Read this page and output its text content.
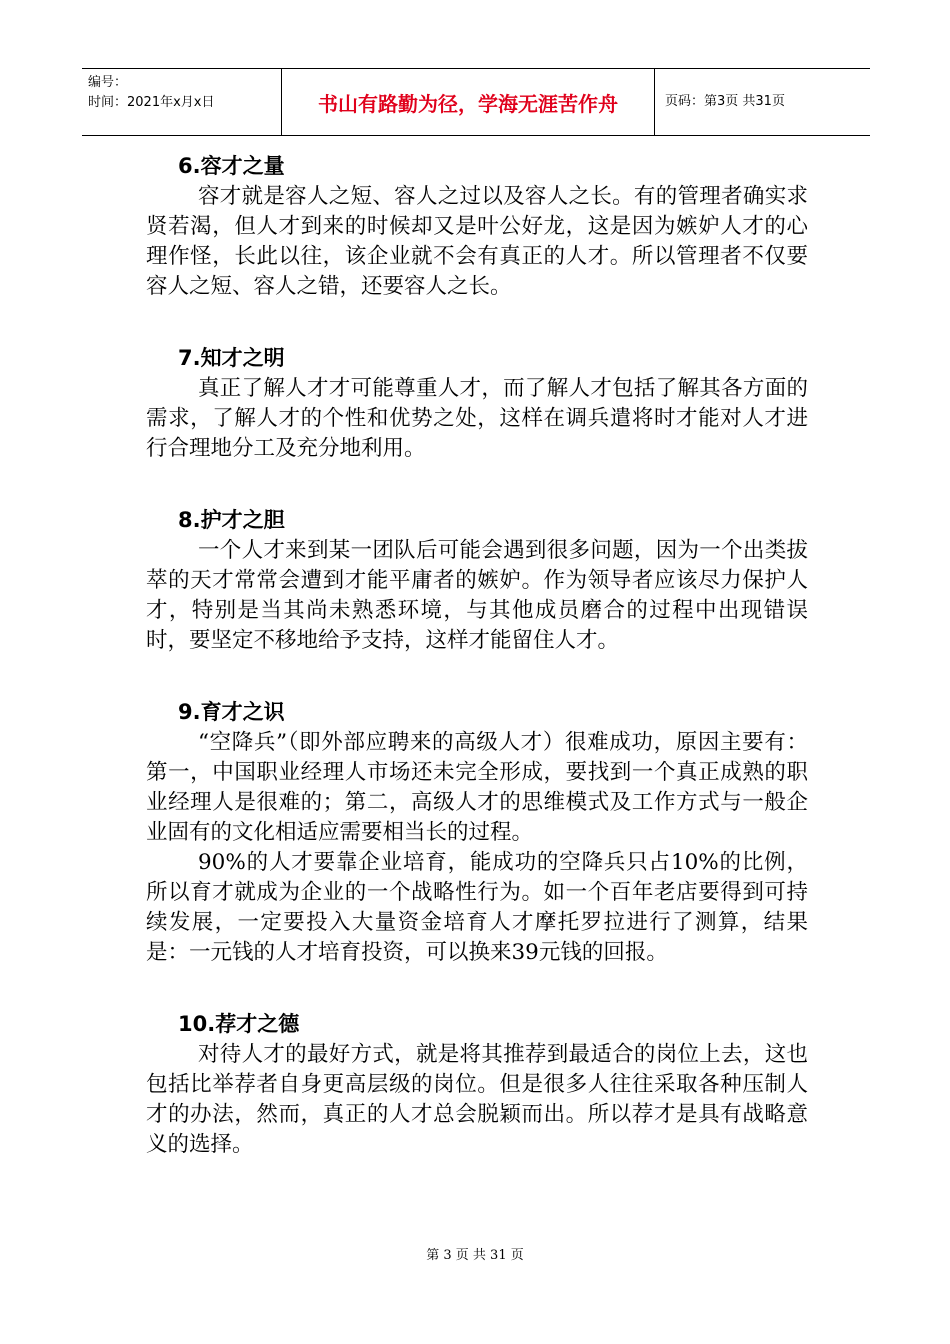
编号：
时间：2021年x月x日	书山有路勤为径，学海无涯苦作舟	页码：第3页 共31页
6.容才之量

容才就是容人之短、容人之过以及容人之长。有的管理者确实求贤若渴，但人才到来的时候却又是叶公好龙，这是因为嫉妒人才的心理作怪，长此以往，该企业就不会有真正的人才。所以管理者不仅要容人之短、容人之错，还要容人之长。

7.知才之明

真正了解人才才可能尊重人才，而了解人才包括了解其各方面的需求，了解人才的个性和优势之处，这样在调兵遣将时才能对人才进行合理地分工及充分地利用。

8.护才之胆

一个人才来到某一团队后可能会遇到很多问题，因为一个出类拔萃的天才常常会遭到才能平庸者的嫉妒。作为领导者应该尽力保护人才，特别是当其尚未熟悉环境，与其他成员磨合的过程中出现错误时，要坚定不移地给予支持，这样才能留住人才。

9.育才之识

“空降兵”（即外部应聘来的高级人才）很难成功，原因主要有：第一，中国职业经理人市场还未完全形成，要找到一个真正成熟的职业经理人是很难的；第二，高级人才的思维模式及工作方式与一般企业固有的文化相适应需要相当长的过程。

90%的人才要靠企业培育，能成功的空降兵只占10%的比例，所以育才就成为企业的一个战略性行为。如一个百年老店要得到可持续发展，一定要投入大量资金培育人才摩托罗拉进行了测算，结果是：一元钱的人才培育投资，可以换来39元钱的回报。

10.荐才之德

对待人才的最好方式，就是将其推荐到最适合的岗位上去，这也包括比举荐者自身更高层级的岗位。但是很多人往往采取各种压制人才的办法，然而，真正的人才总会脱颖而出。所以荐才是具有战略意义的选择。

第 3 页 共 31 页
